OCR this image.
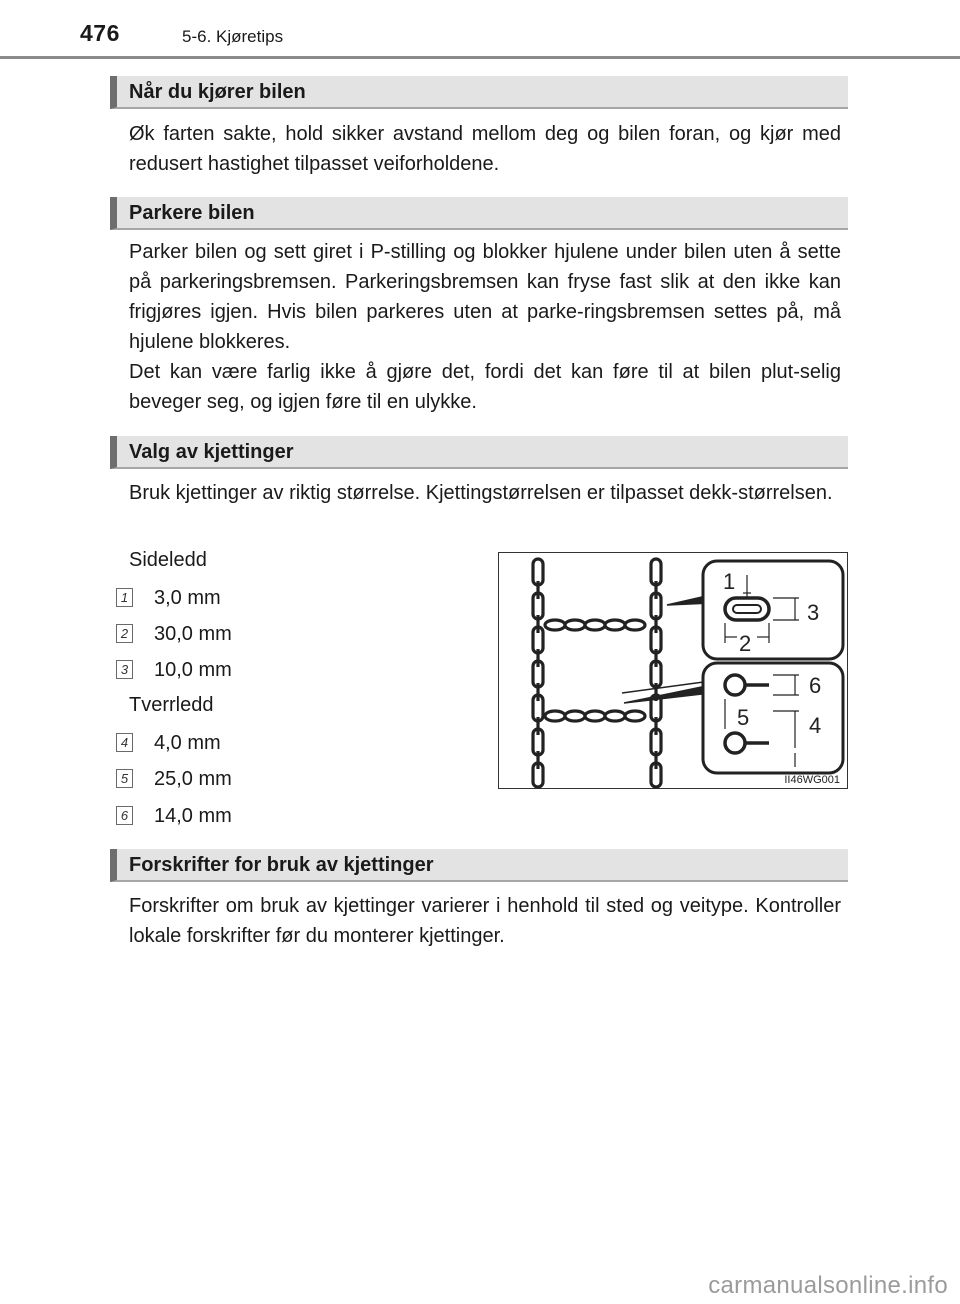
476	5-6. Kjøretips
Når du kjører bilen

Øk farten sakte, hold sikker avstand mellom deg og bilen foran, og kjør med redusert hastighet tilpasset veiforholdene.

Parkere bilen

Parker bilen og sett giret i P-stilling og blokker hjulene under bilen uten å sette på parkeringsbremsen. Parkeringsbremsen kan fryse fast slik at den ikke kan frigjøres igjen. Hvis bilen parkeres uten at parke-ringsbremsen settes på, må hjulene blokkeres.

Det kan være farlig ikke å gjøre det, fordi det kan føre til at bilen plut-selig beveger seg, og igjen føre til en ulykke.

Valg av kjettinger

Bruk kjettinger av riktig størrelse. Kjettingstørrelsen er tilpasset dekk-størrelsen.

Sideledd

1 3,0 mm
2 30,0 mm
3 10,0 mm

Tverrledd

4 4,0 mm
5 25,0 mm
6 14,0 mm
1
2
3
6
5	4
II46WG001
Forskrifter for bruk av kjettinger

Forskrifter om bruk av kjettinger varierer i henhold til sted og veitype. Kontroller lokale forskrifter før du monterer kjettinger.

carmanualsonline.info
